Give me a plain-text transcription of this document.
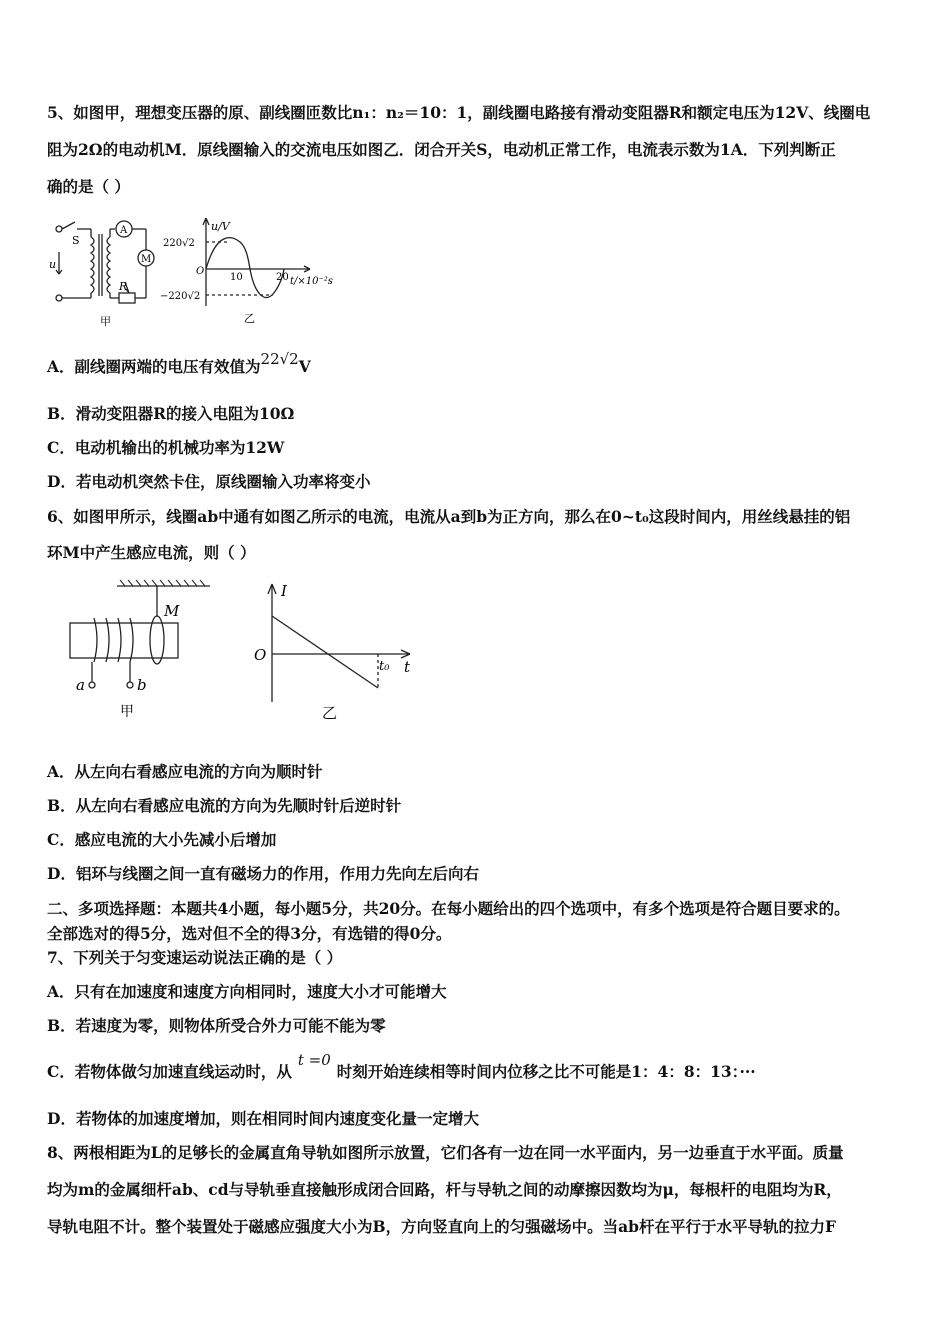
5、如图甲，理想变压器的原、副线圈匝数比n₁：n₂＝10：1，副线圈电路接有滑动变阻器R和额定电压为12V、线圈电
阻为2Ω的电动机M．原线圈输入的交流电压如图乙．闭合开关S，电动机正常工作，电流表示数为1A．下列判断正
确的是（ ）
S
A
M
R
u
甲
u/V
O
220√2
−220√2
10	20 t/×10⁻²s
乙
A．副线圈两端的电压有效值为22√2V
B．滑动变阻器R的接入电阻为10Ω
C．电动机输出的机械功率为12W
D．若电动机突然卡住，原线圈输入功率将变小
6、如图甲所示，线圈ab中通有如图乙所示的电流，电流从a到b为正方向，那么在0~t₀这段时间内，用丝线悬挂的铝
环M中产生感应电流，则（ ）
M
a	b
甲
I
O
t₀ t
乙
A．从左向右看感应电流的方向为顺时针
B．从左向右看感应电流的方向为先顺时针后逆时针
C．感应电流的大小先减小后增加
D．铝环与线圈之间一直有磁场力的作用，作用力先向左后向右
二、多项选择题：本题共4小题，每小题5分，共20分。在每小题给出的四个选项中，有多个选项是符合题目要求的。
全部选对的得5分，选对但不全的得3分，有选错的得0分。
7、下列关于匀变速运动说法正确的是（ ）
A．只有在加速度和速度方向相同时，速度大小才可能增大
B．若速度为零，则物体所受合外力可能不能为零
C．若物体做匀加速直线运动时，从t =0时刻开始连续相等时间内位移之比不可能是1：4：8：13：···
D．若物体的加速度增加，则在相同时间内速度变化量一定增大
8、两根相距为L的足够长的金属直角导轨如图所示放置，它们各有一边在同一水平面内，另一边垂直于水平面。质量
均为m的金属细杆ab、cd与导轨垂直接触形成闭合回路，杆与导轨之间的动摩擦因数均为μ，每根杆的电阻均为R，
导轨电阻不计。整个装置处于磁感应强度大小为B，方向竖直向上的匀强磁场中。当ab杆在平行于水平导轨的拉力F
